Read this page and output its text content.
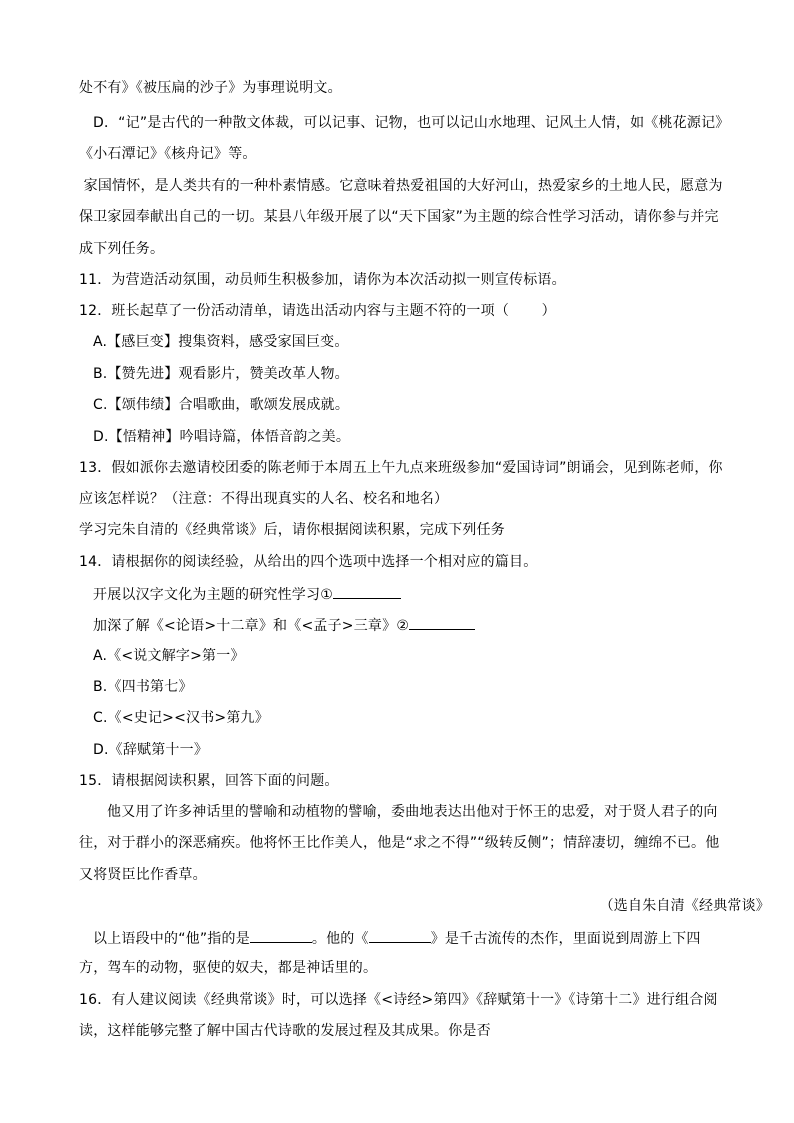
处不有》《被压扁的沙子》为事理说明文。
D．“记”是古代的一种散文体裁，可以记事、记物，也可以记山水地理、记风土人情，如《桃花源记》
《小石潭记》《核舟记》等。
家国情怀，是人类共有的一种朴素情感。它意味着热爱祖国的大好河山，热爱家乡的土地人民，愿意为
保卫家园奉献出自己的一切。某县八年级开展了以“天下国家”为主题的综合性学习活动，请你参与并完
成下列任务。
11．为营造活动氛围，动员师生积极参加，请你为本次活动拟一则宣传标语。
12．班长起草了一份活动清单，请选出活动内容与主题不符的一项（       ）
A.【感巨变】搜集资料，感受家国巨变。
B.【赞先进】观看影片，赞美改革人物。
C.【颂伟绩】合唱歌曲，歌颂发展成就。
D.【悟精神】吟唱诗篇，体悟音韵之美。
13．假如派你去邀请校团委的陈老师于本周五上午九点来班级参加“爱国诗词”朗诵会，见到陈老师，你
应该怎样说？（注意：不得出现真实的人名、校名和地名）
学习完朱自清的《经典常谈》后，请你根据阅读积累，完成下列任务
14．请根据你的阅读经验，从给出的四个选项中选择一个相对应的篇目。
开展以汉字文化为主题的研究性学习①
加深了解《<论语>十二章》和《<孟子>三章》②
A.《<说文解字>第一》
B.《四书第七》
C.《<史记><汉书>第九》
D.《辞赋第十一》
15．请根据阅读积累，回答下面的问题。
他又用了许多神话里的譬喻和动植物的譬喻，委曲地表达出他对于怀王的忠爱，对于贤人君子的向
往，对于群小的深恶痛疾。他将怀王比作美人，他是“求之不得”“级转反侧”；情辞凄切，缠绵不已。他
又将贤臣比作香草。
（选自朱自清《经典常谈》
以上语段中的“他”指的是	。他的《	》是千古流传的杰作，里面说到周游上下四
方，驾车的动物，驱使的奴夫，都是神话里的。
16．有人建议阅读《经典常谈》时，可以选择《<诗经>第四》《辞赋第十一》《诗第十二》进行组合阅
读，这样能够完整了解中国古代诗歌的发展过程及其成果。你是否
